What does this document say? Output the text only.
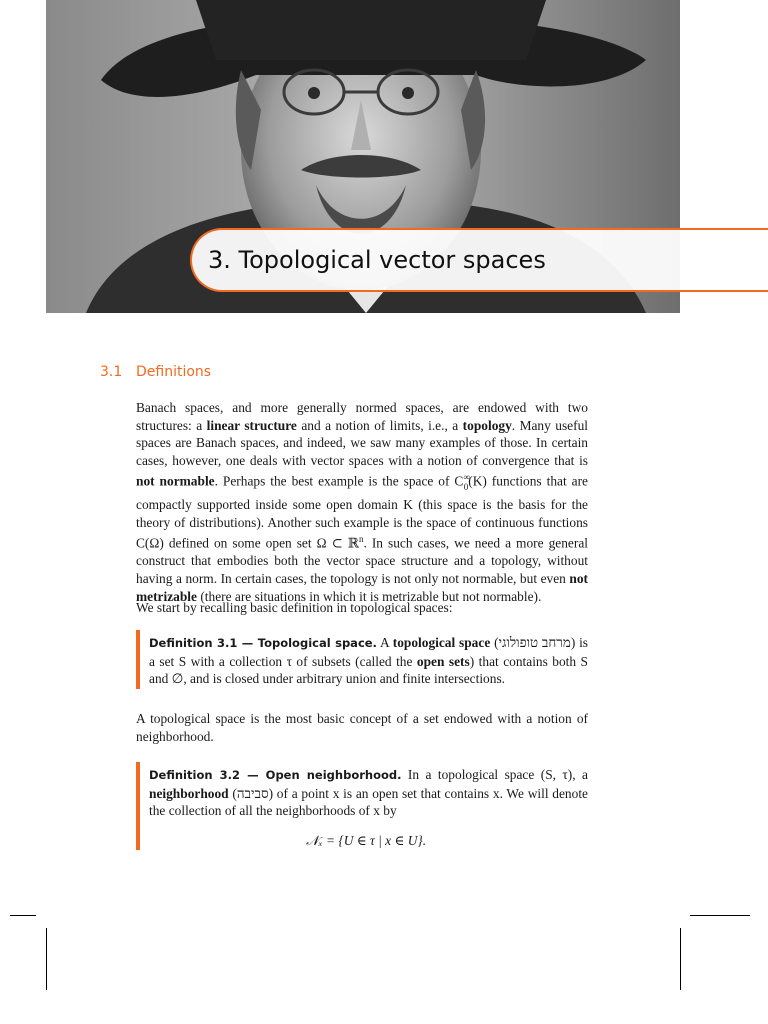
3. Topological vector spaces
3.1 Definitions

Banach spaces, and more generally normed spaces, are endowed with two structures: a linear structure and a notion of limits, i.e., a topology. Many useful spaces are Banach spaces, and indeed, we saw many examples of those. In certain cases, however, one deals with vector spaces with a notion of convergence that is not normable. Perhaps the best example is the space of $C^\infty_0(K)$ functions that are compactly supported inside some open domain K (this space is the basis for the theory of distributions). Another such example is the space of continuous functions C(Ω) defined on some open set Ω ⊂ ℝ$^n$. In such cases, we need a more general construct that embodies both the vector space structure and a topology, without having a norm. In certain cases, the topology is not only not normable, but even not metrizable (there are situations in which it is metrizable but not normable).

We start by recalling basic definition in topological spaces:

Definition 3.1 — Topological space. A topological space (מרחב טופולוגי) is a set S with a collection τ of subsets (called the open sets) that contains both S and ∅, and is closed under arbitrary union and finite intersections.

A topological space is the most basic concept of a set endowed with a notion of neighborhood.

Definition 3.2 — Open neighborhood. In a topological space (S, τ), a neighborhood (סביבה) of a point x is an open set that contains x. We will denote the collection of all the neighborhoods of x by

𝒩ₓ = {U ∈ τ | x ∈ U}.
